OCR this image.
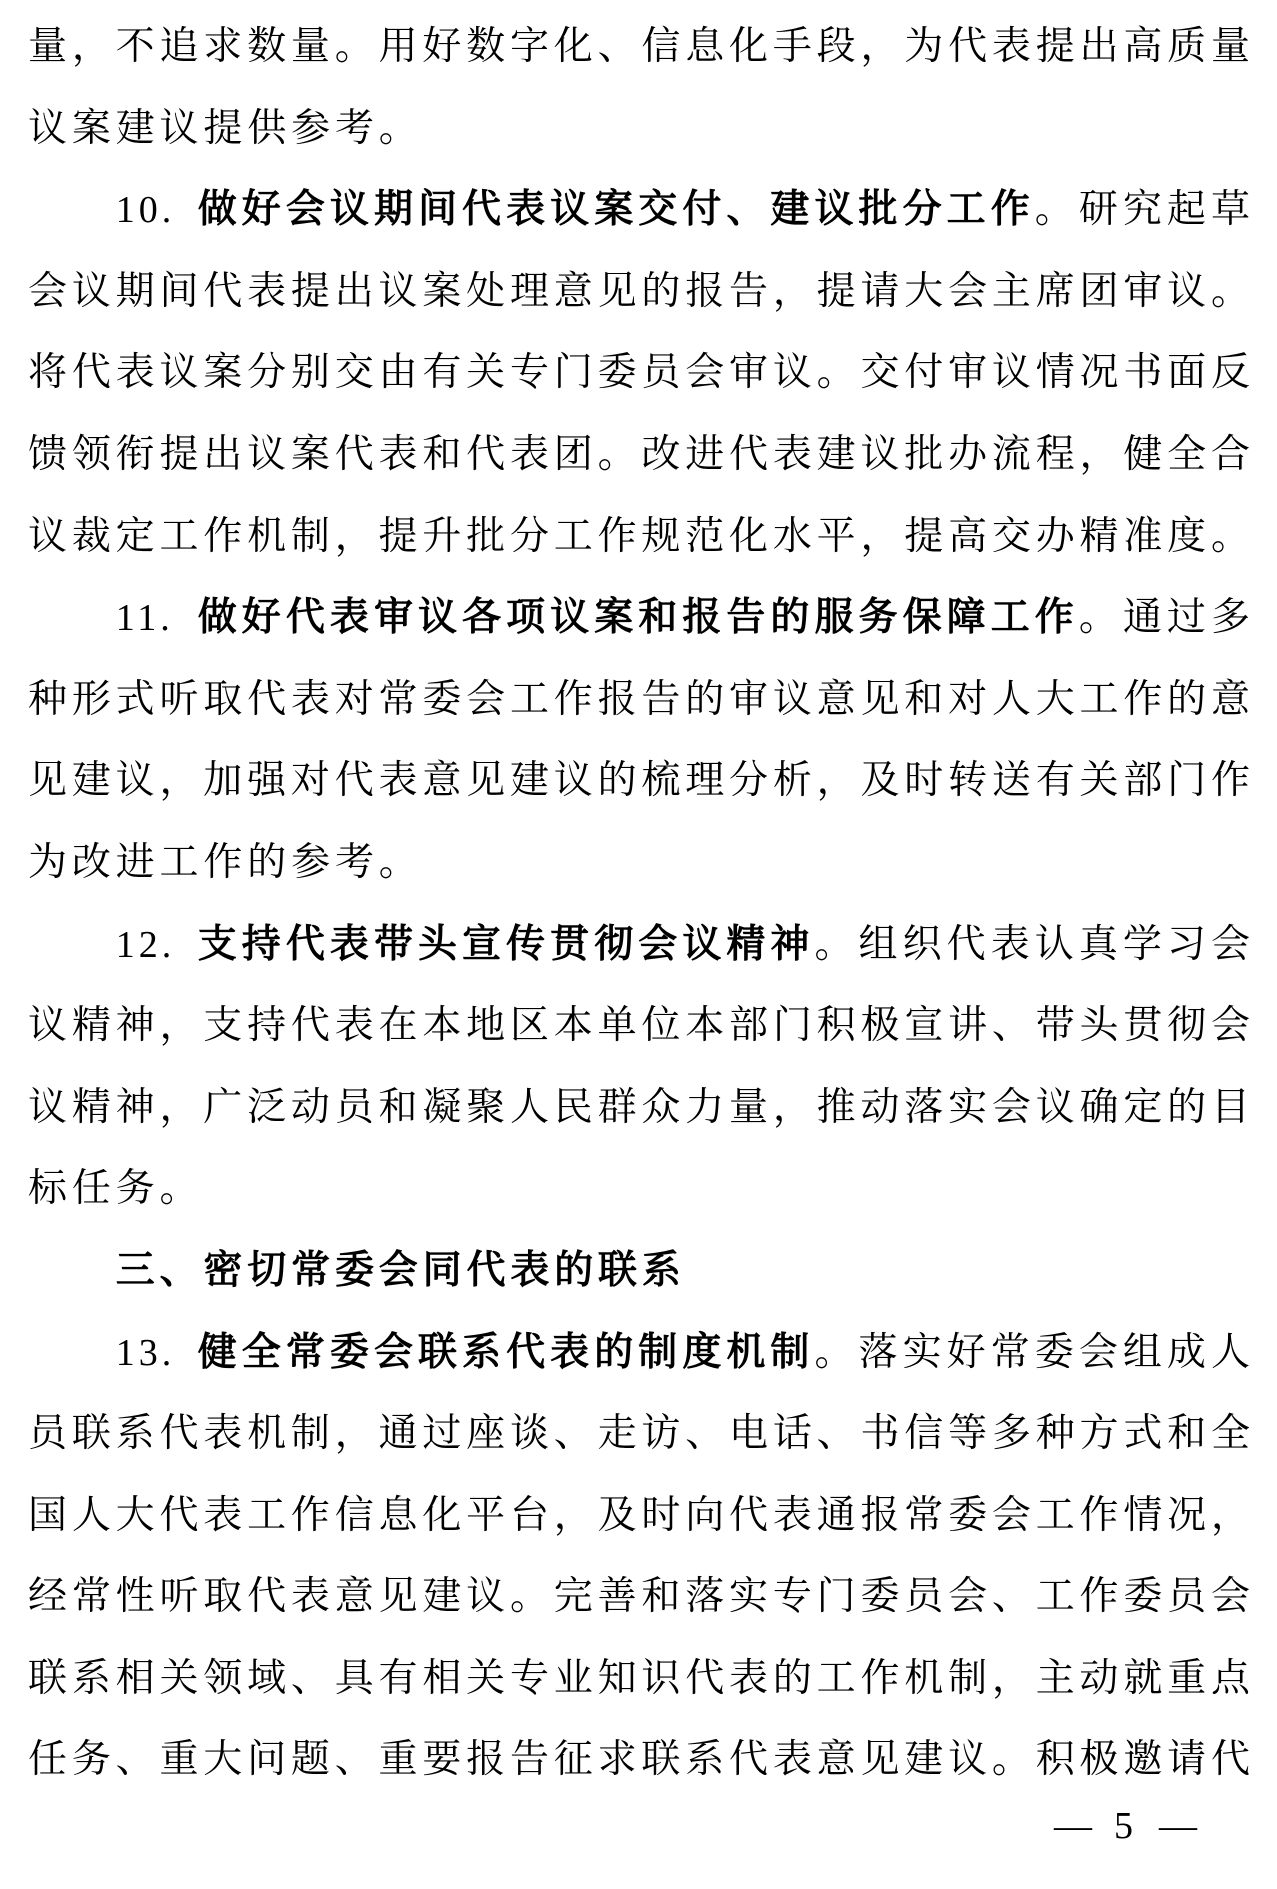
量，不追求数量。用好数字化、信息化手段，为代表提出高质量
议案建议提供参考。
10. 做好会议期间代表议案交付、建议批分工作。研究起草
会议期间代表提出议案处理意见的报告，提请大会主席团审议。
将代表议案分别交由有关专门委员会审议。交付审议情况书面反
馈领衔提出议案代表和代表团。改进代表建议批办流程，健全合
议裁定工作机制，提升批分工作规范化水平，提高交办精准度。
11. 做好代表审议各项议案和报告的服务保障工作。通过多
种形式听取代表对常委会工作报告的审议意见和对人大工作的意
见建议，加强对代表意见建议的梳理分析，及时转送有关部门作
为改进工作的参考。
12. 支持代表带头宣传贯彻会议精神。组织代表认真学习会
议精神，支持代表在本地区本单位本部门积极宣讲、带头贯彻会
议精神，广泛动员和凝聚人民群众力量，推动落实会议确定的目
标任务。
三、密切常委会同代表的联系
13. 健全常委会联系代表的制度机制。落实好常委会组成人
员联系代表机制，通过座谈、走访、电话、书信等多种方式和全
国人大代表工作信息化平台，及时向代表通报常委会工作情况，
经常性听取代表意见建议。完善和落实专门委员会、工作委员会
联系相关领域、具有相关专业知识代表的工作机制，主动就重点
任务、重大问题、重要报告征求联系代表意见建议。积极邀请代
— 5 —
